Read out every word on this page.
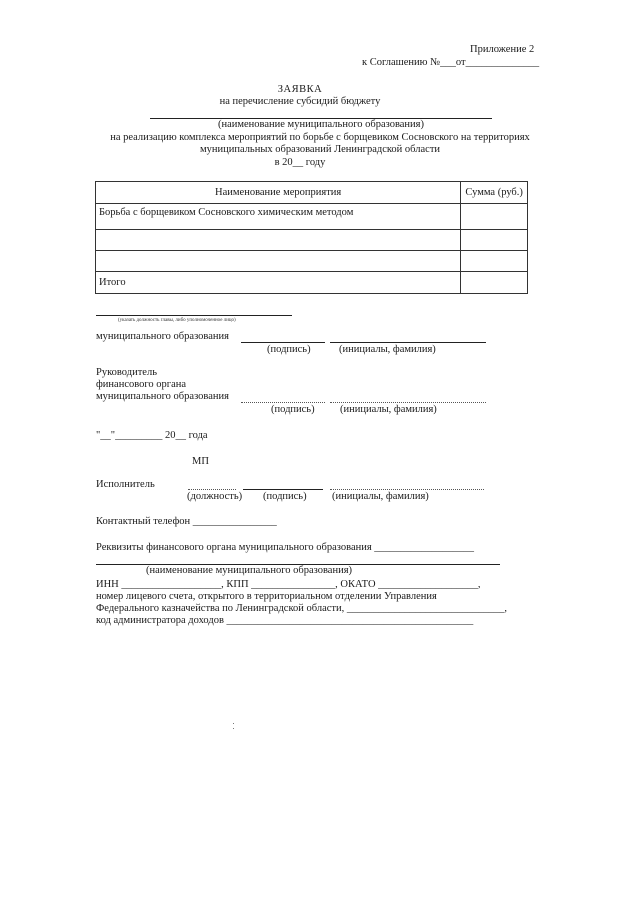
Приложение 2
к Соглашению №___от______________
ЗАЯВКА
на перечисление субсидий бюджету
(наименование муниципального образования)
на реализацию комплекса мероприятий по борьбе с борщевиком Сосновского на территориях
муниципальных образований Ленинградской области
в 20__ году
Наименование мероприятия	Сумма (руб.)
Борьба с борщевиком Сосновского химическим методом	

Итого	
(указать должность главы, либо уполномоченное лицо)
муниципального образования
(подпись)	(инициалы, фамилия)
Руководитель
финансового органа
муниципального образования
(подпись) (инициалы, фамилия)
"__"_________ 20__ года
МП
Исполнитель
(должность) (подпись) (инициалы, фамилия)
Контактный телефон ________________
Реквизиты финансового органа муниципального образования ___________________
(наименование муниципального образования)
ИНН ___________________, КПП ________________, ОКАТО ___________________,
номер лицевого счета, открытого в территориальном отделении Управления
Федерального казначейства по Ленинградской области, ______________________________,
код администратора доходов _______________________________________________
